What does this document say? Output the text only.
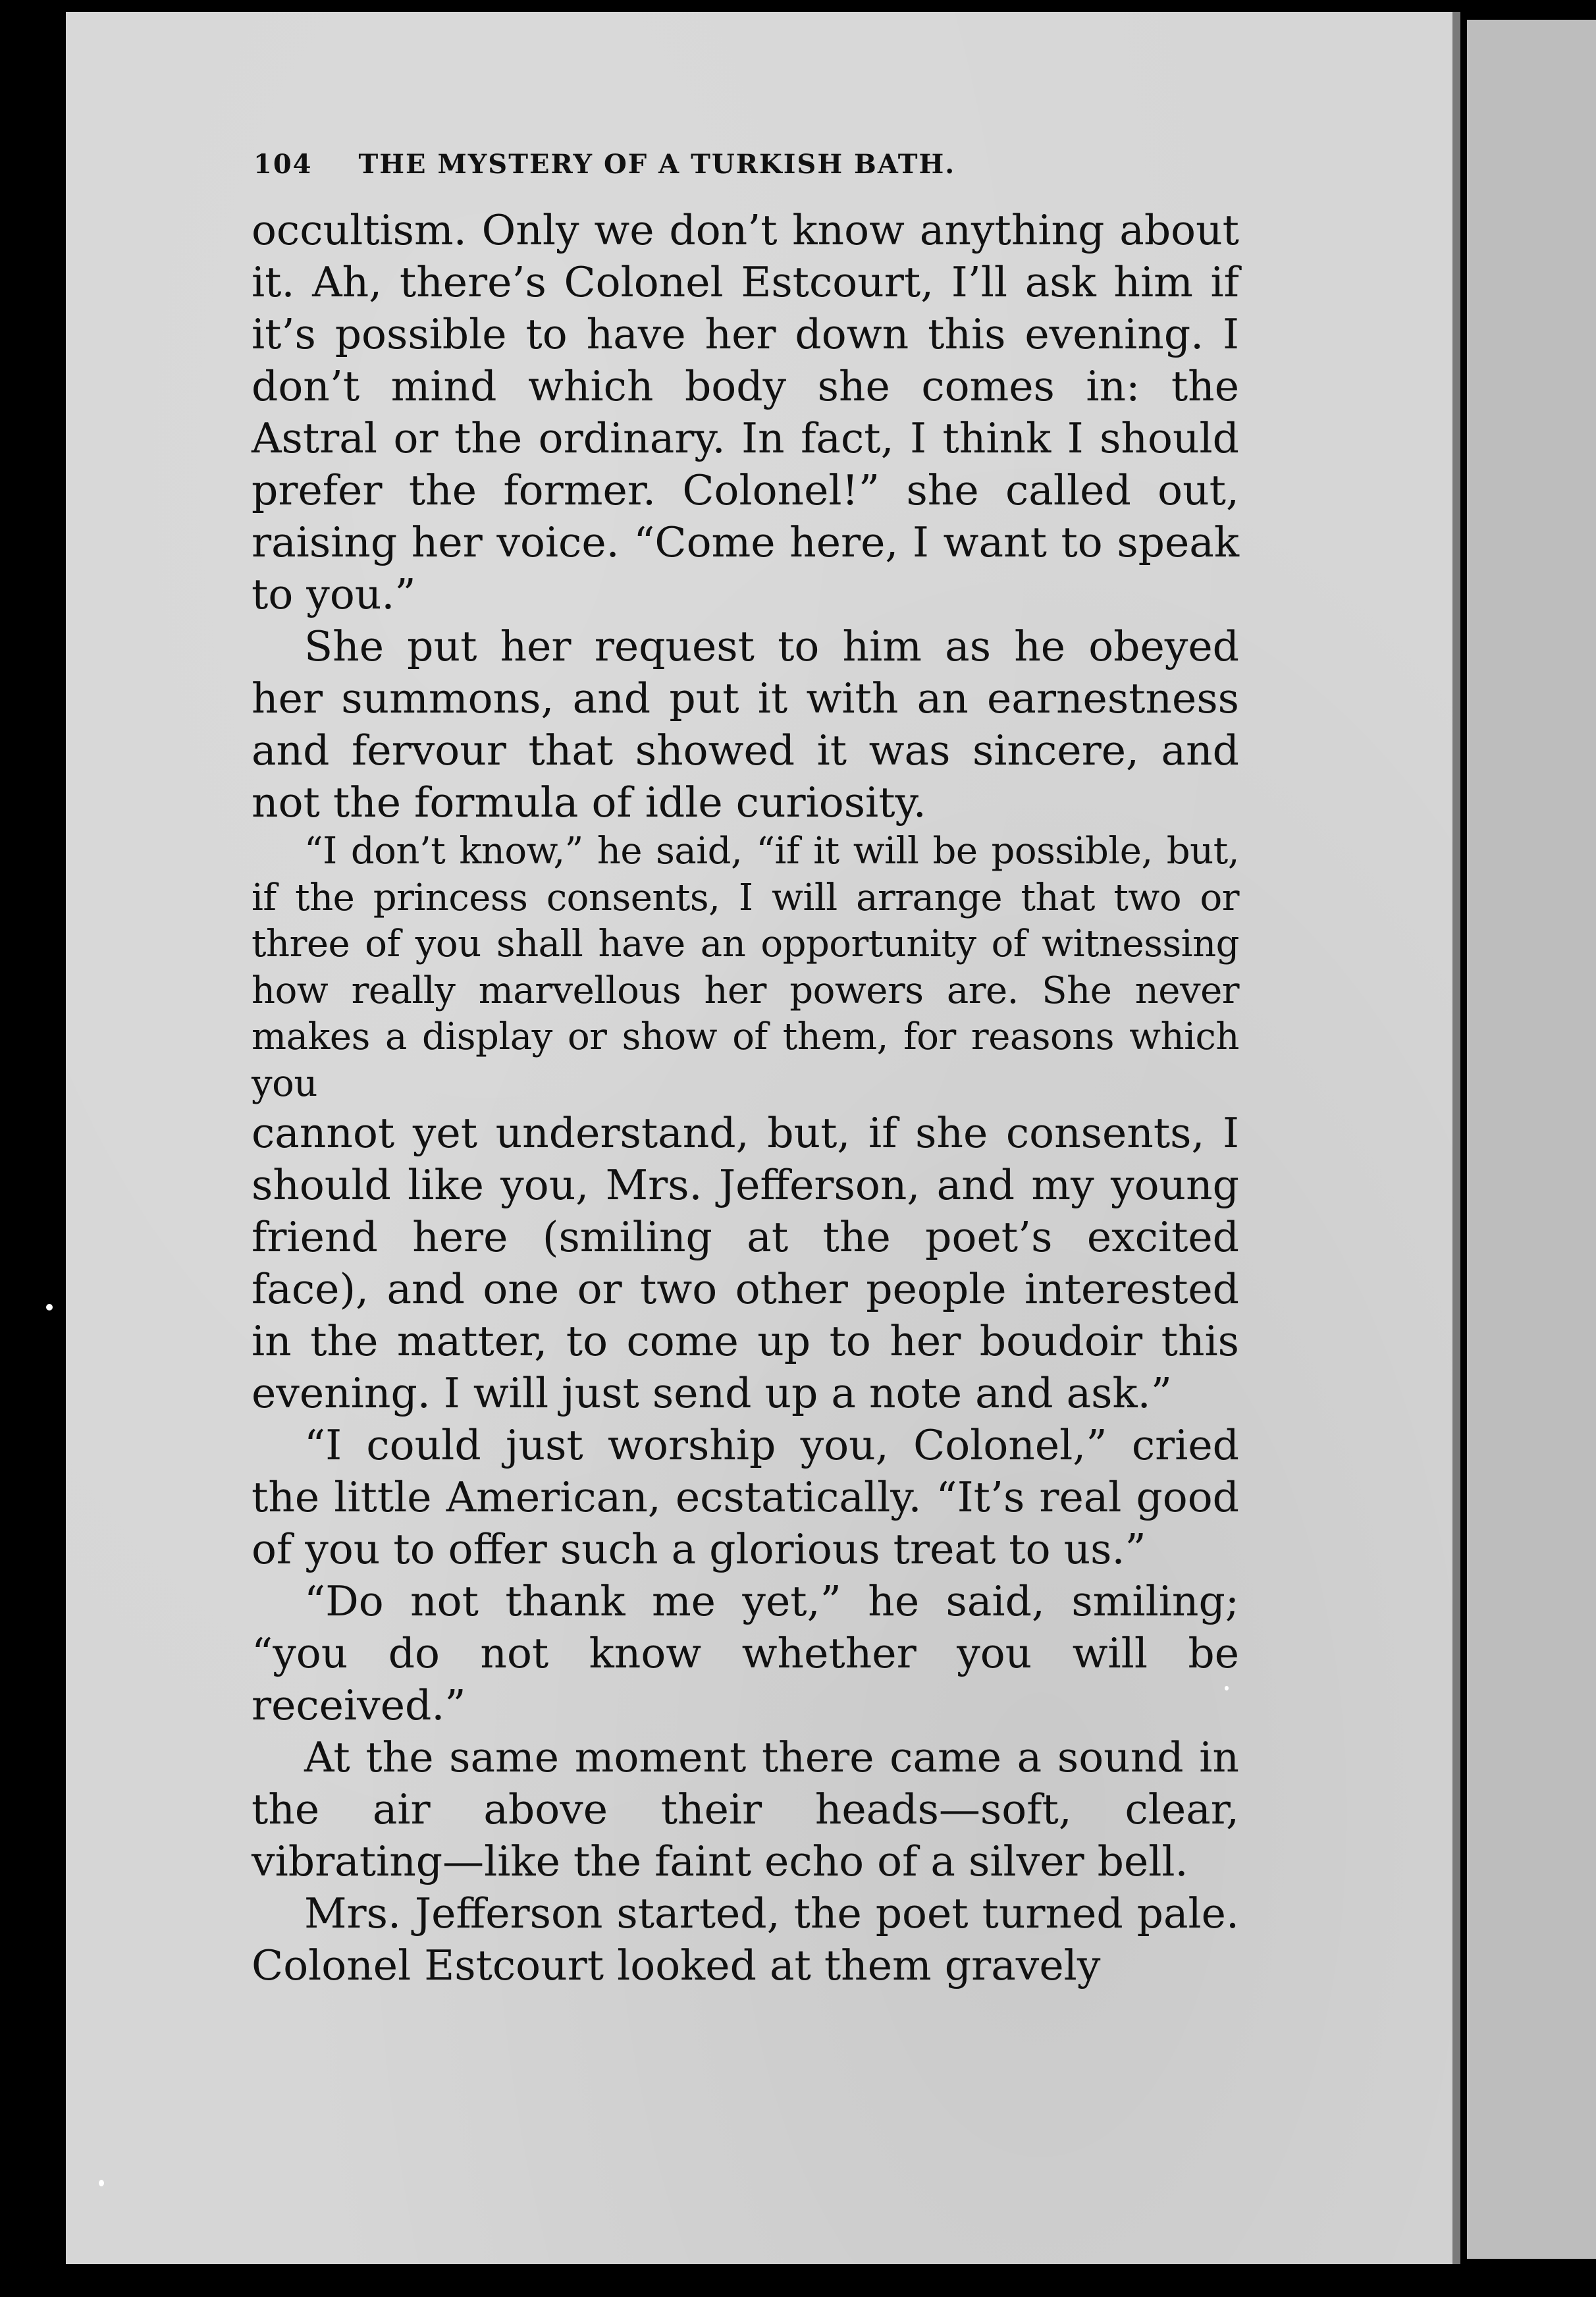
104 THE MYSTERY OF A TURKISH BATH.

occultism. Only we don’t know anything about it. Ah, there’s Colonel Estcourt, I’ll ask him if it’s possible to have her down this evening. I don’t mind which body she comes in: the Astral or the ordinary. In fact, I think I should prefer the former. Colonel!” she called out, raising her voice. “Come here, I want to speak to you.”

She put her request to him as he obeyed her summons, and put it with an earnestness and fervour that showed it was sincere, and not the formula of idle curiosity.

“I don’t know,” he said, “if it will be possible, but, if the princess consents, I will arrange that two or three of you shall have an opportunity of witnessing how really marvellous her powers are. She never makes a display or show of them, for reasons which you

cannot yet understand, but, if she consents, I should like you, Mrs. Jefferson, and my young friend here (smiling at the poet’s excited face), and one or two other people interested in the matter, to come up to her boudoir this evening. I will just send up a note and ask.”

“I could just worship you, Colonel,” cried the little American, ecstatically. “It’s real good of you to offer such a glorious treat to us.”

“Do not thank me yet,” he said, smiling; “you do not know whether you will be received.”

At the same moment there came a sound in the air above their heads—soft, clear, vibrating—like the faint echo of a silver bell.

Mrs. Jefferson started, the poet turned pale. Colonel Estcourt looked at them gravely
